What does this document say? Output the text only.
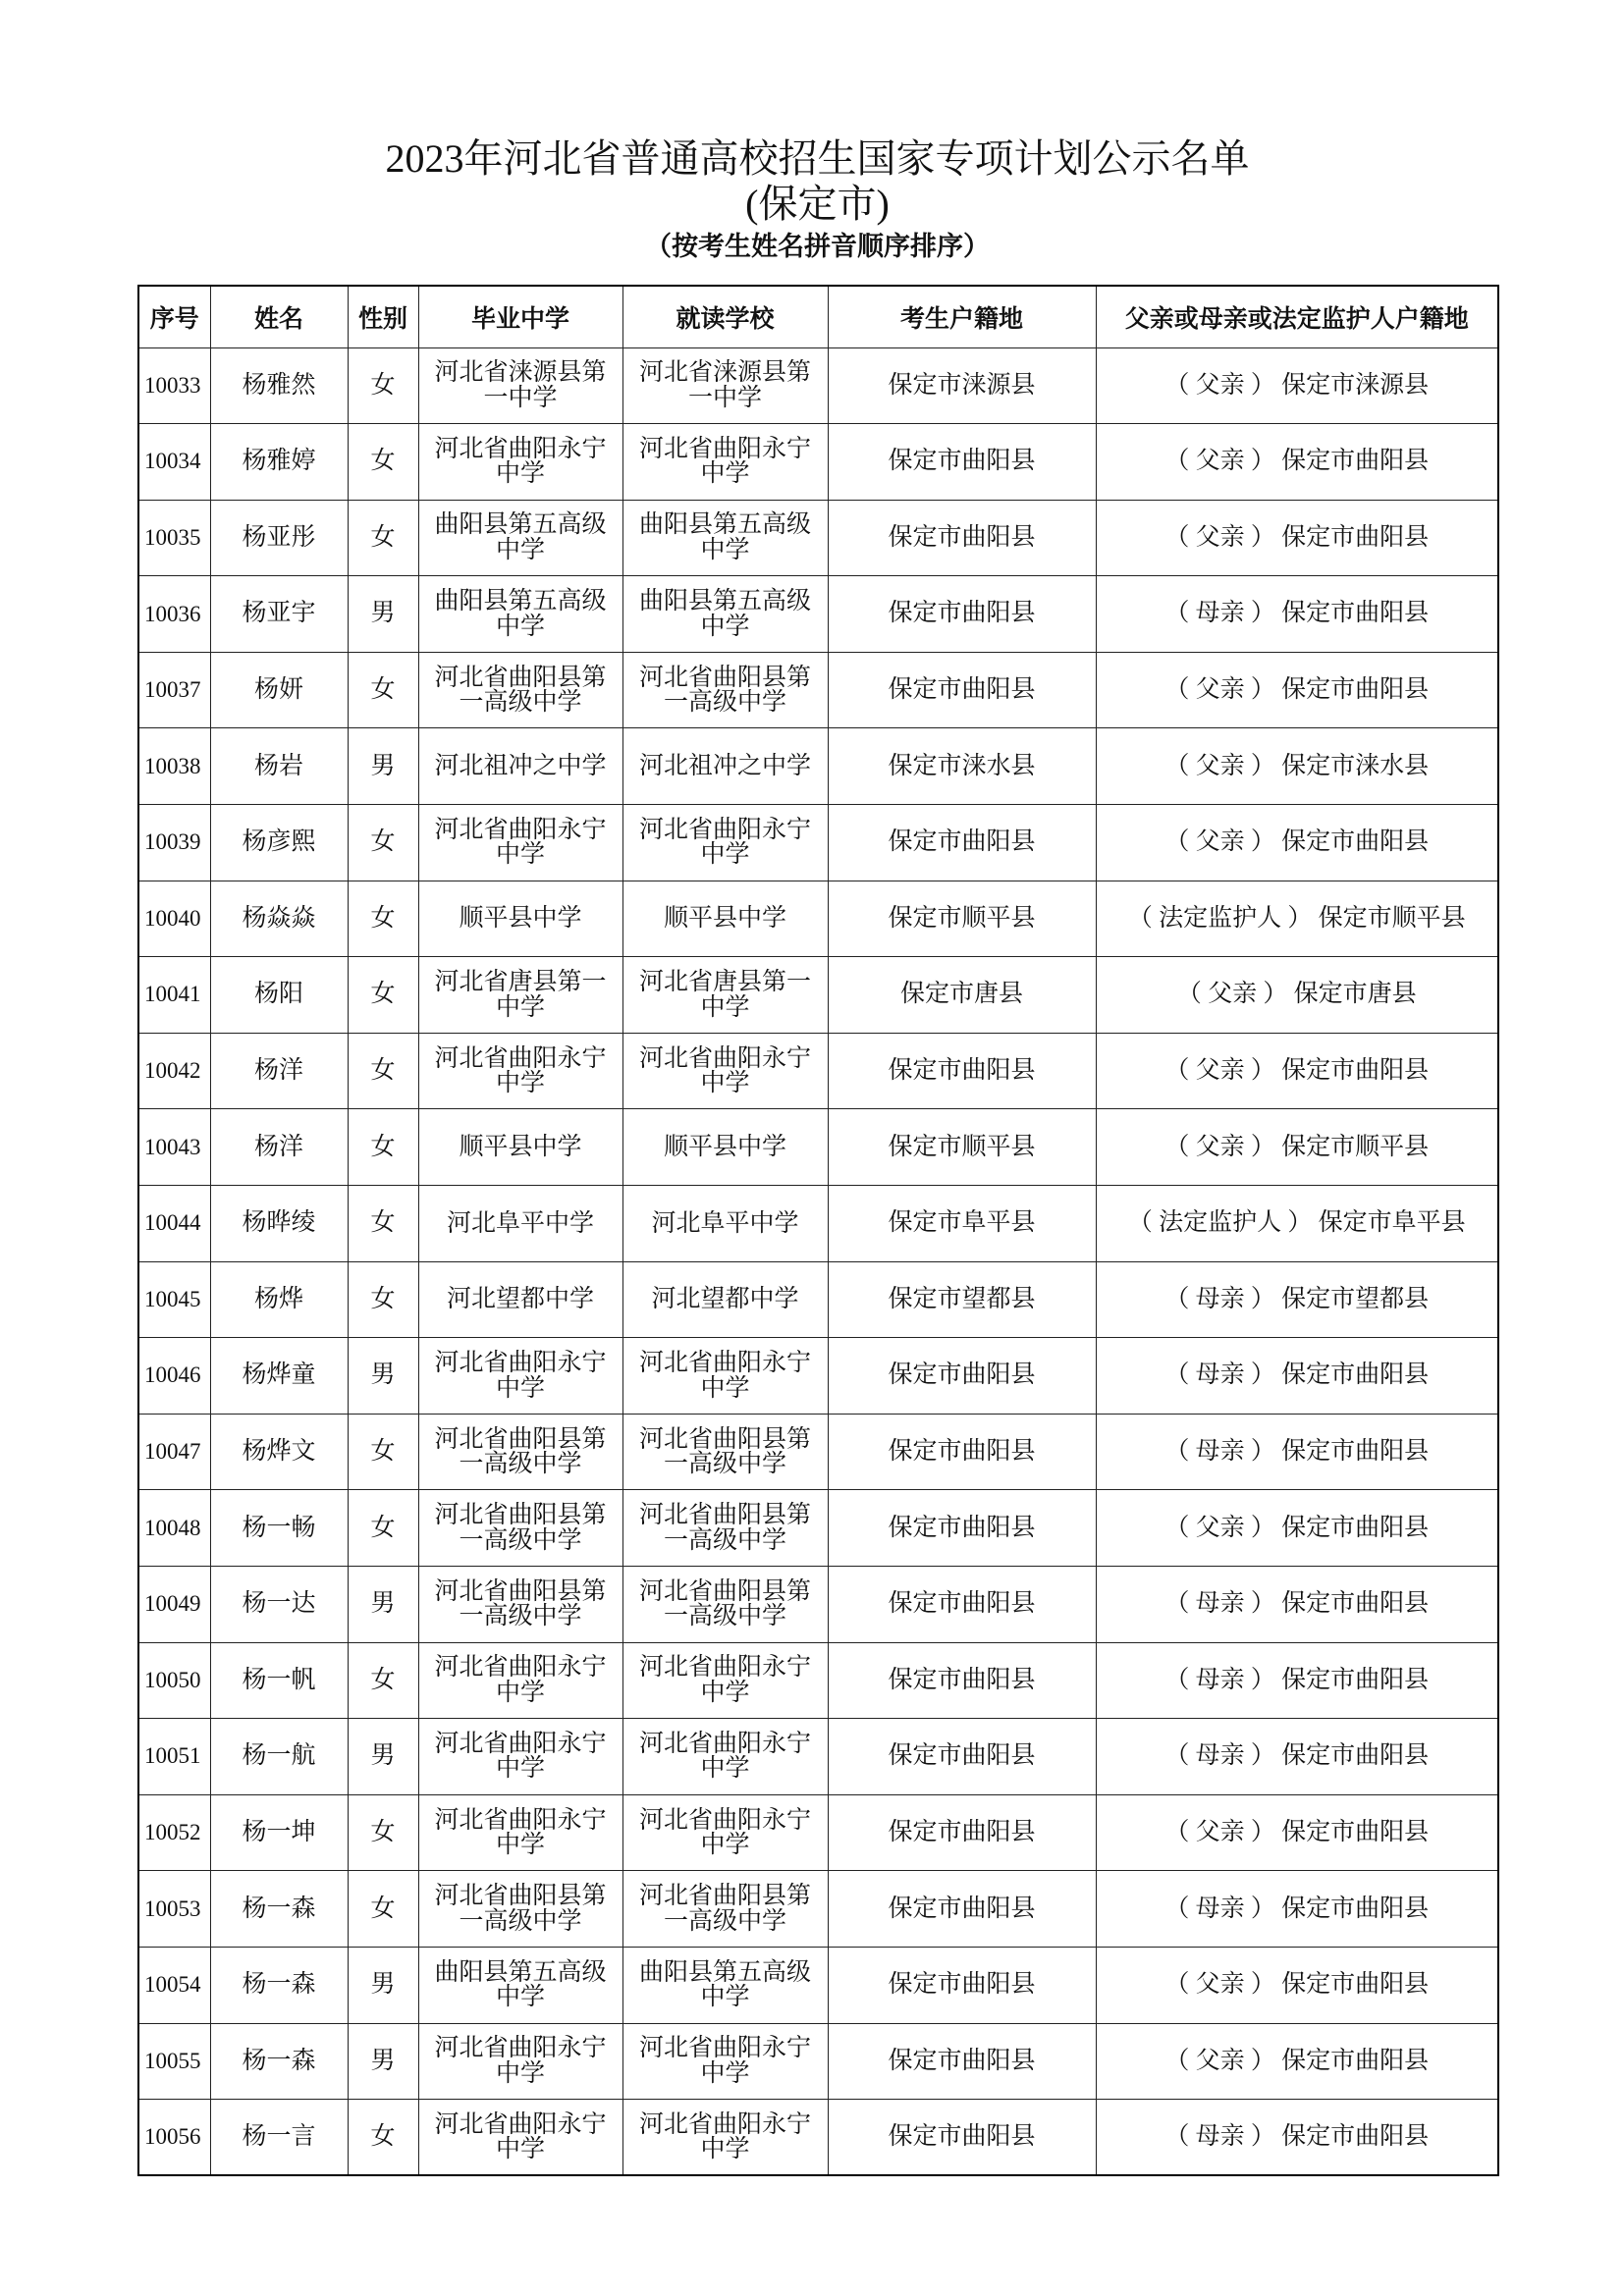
2023年河北省普通高校招生国家专项计划公示名单
(保定市)
（按考生姓名拼音顺序排序）
序号	姓名	性别	毕业中学	就读学校	考生户籍地	父亲或母亲或法定监护人户籍地
10033	杨雅然	女	河北省涞源县第一中学	河北省涞源县第一中学	保定市涞源县	（ 父亲 ） 保定市涞源县
10034	杨雅婷	女	河北省曲阳永宁中学	河北省曲阳永宁中学	保定市曲阳县	（ 父亲 ） 保定市曲阳县
10035	杨亚彤	女	曲阳县第五高级中学	曲阳县第五高级中学	保定市曲阳县	（ 父亲 ） 保定市曲阳县
10036	杨亚宇	男	曲阳县第五高级中学	曲阳县第五高级中学	保定市曲阳县	（ 母亲 ） 保定市曲阳县
10037	杨妍	女	河北省曲阳县第一高级中学	河北省曲阳县第一高级中学	保定市曲阳县	（ 父亲 ） 保定市曲阳县
10038	杨岩	男	河北祖冲之中学	河北祖冲之中学	保定市涞水县	（ 父亲 ） 保定市涞水县
10039	杨彦熙	女	河北省曲阳永宁中学	河北省曲阳永宁中学	保定市曲阳县	（ 父亲 ） 保定市曲阳县
10040	杨焱焱	女	顺平县中学	顺平县中学	保定市顺平县	（ 法定监护人 ） 保定市顺平县
10041	杨阳	女	河北省唐县第一中学	河北省唐县第一中学	保定市唐县	（ 父亲 ） 保定市唐县
10042	杨洋	女	河北省曲阳永宁中学	河北省曲阳永宁中学	保定市曲阳县	（ 父亲 ） 保定市曲阳县
10043	杨洋	女	顺平县中学	顺平县中学	保定市顺平县	（ 父亲 ） 保定市顺平县
10044	杨晔绫	女	河北阜平中学	河北阜平中学	保定市阜平县	（ 法定监护人 ） 保定市阜平县
10045	杨烨	女	河北望都中学	河北望都中学	保定市望都县	（ 母亲 ） 保定市望都县
10046	杨烨童	男	河北省曲阳永宁中学	河北省曲阳永宁中学	保定市曲阳县	（ 母亲 ） 保定市曲阳县
10047	杨烨文	女	河北省曲阳县第一高级中学	河北省曲阳县第一高级中学	保定市曲阳县	（ 母亲 ） 保定市曲阳县
10048	杨一畅	女	河北省曲阳县第一高级中学	河北省曲阳县第一高级中学	保定市曲阳县	（ 父亲 ） 保定市曲阳县
10049	杨一达	男	河北省曲阳县第一高级中学	河北省曲阳县第一高级中学	保定市曲阳县	（ 母亲 ） 保定市曲阳县
10050	杨一帆	女	河北省曲阳永宁中学	河北省曲阳永宁中学	保定市曲阳县	（ 母亲 ） 保定市曲阳县
10051	杨一航	男	河北省曲阳永宁中学	河北省曲阳永宁中学	保定市曲阳县	（ 母亲 ） 保定市曲阳县
10052	杨一坤	女	河北省曲阳永宁中学	河北省曲阳永宁中学	保定市曲阳县	（ 父亲 ） 保定市曲阳县
10053	杨一森	女	河北省曲阳县第一高级中学	河北省曲阳县第一高级中学	保定市曲阳县	（ 母亲 ） 保定市曲阳县
10054	杨一森	男	曲阳县第五高级中学	曲阳县第五高级中学	保定市曲阳县	（ 父亲 ） 保定市曲阳县
10055	杨一森	男	河北省曲阳永宁中学	河北省曲阳永宁中学	保定市曲阳县	（ 父亲 ） 保定市曲阳县
10056	杨一言	女	河北省曲阳永宁中学	河北省曲阳永宁中学	保定市曲阳县	（ 母亲 ） 保定市曲阳县
